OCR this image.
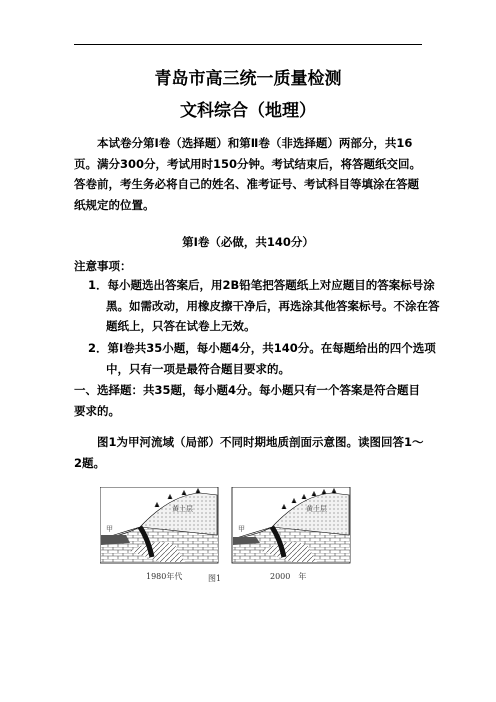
青岛市高三统一质量检测
文科综合（地理）
本试卷分第Ⅰ卷（选择题）和第Ⅱ卷（非选择题）两部分，共16页。满分300分，考试用时150分钟。考试结束后，将答题纸交回。答卷前，考生务必将自己的姓名、准考证号、考试科目等填涂在答题纸规定的位置。
第Ⅰ卷（必做，共140分）
注意事项：
1．每小题选出答案后，用2B铅笔把答题纸上对应题目的答案标号涂黑。如需改动，用橡皮擦干净后，再选涂其他答案标号。不涂在答题纸上，只答在试卷上无效。
2．第Ⅰ卷共35小题，每小题4分，共140分。在每题给出的四个选项中，只有一项是最符合题目要求的。
一、选择题：共35题，每小题4分。每小题只有一个答案是符合题目要求的。
图1为甲河流域（局部）不同时期地质剖面示意图。读图回答1～2题。
黄土层
甲
黄土层
甲
1980年代	图1	2000　年
